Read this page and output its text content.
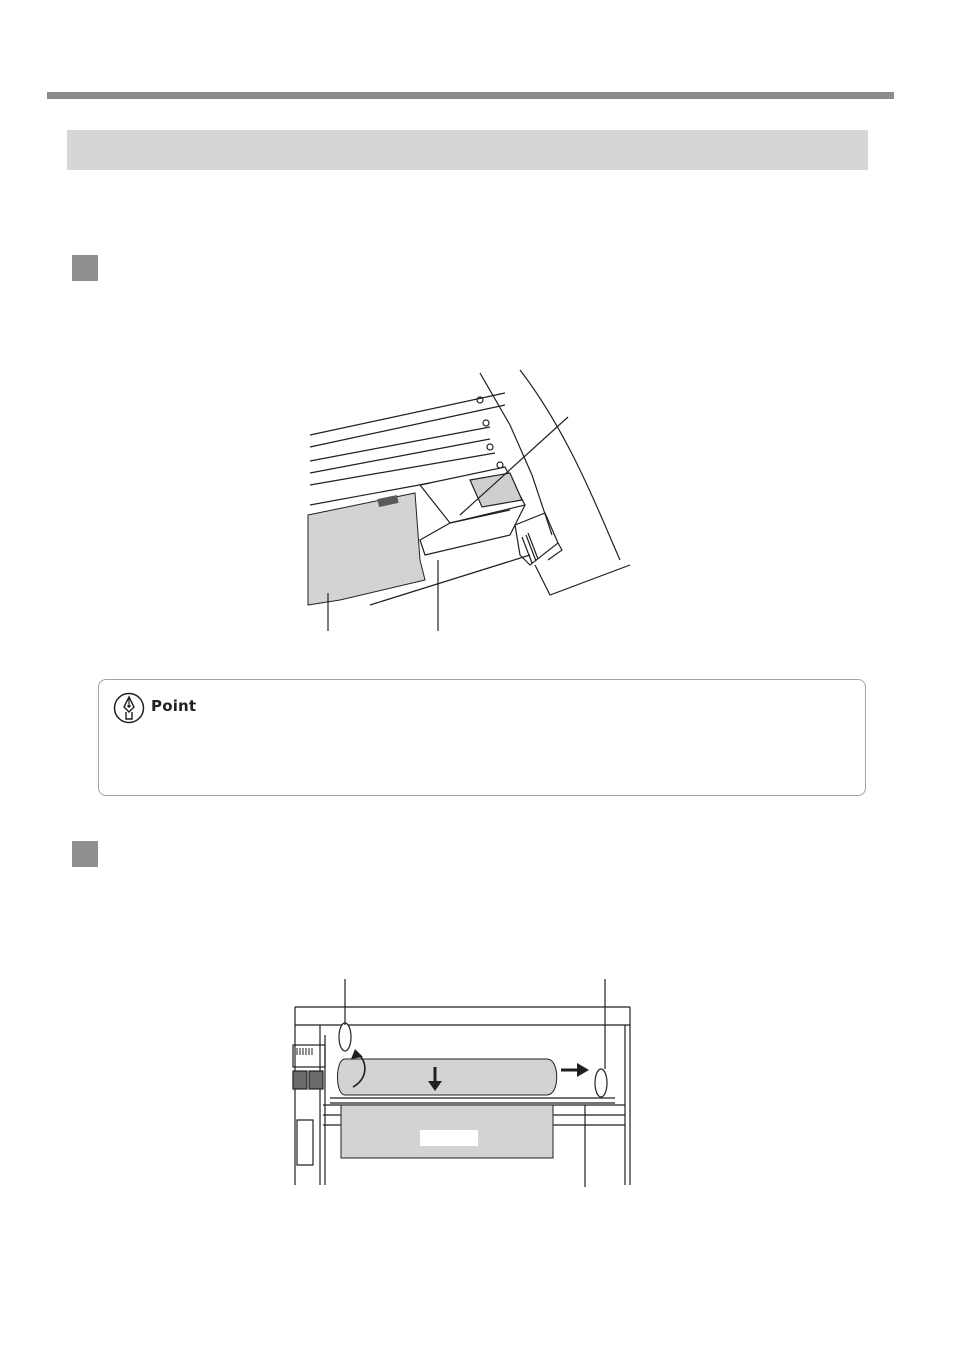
Point
